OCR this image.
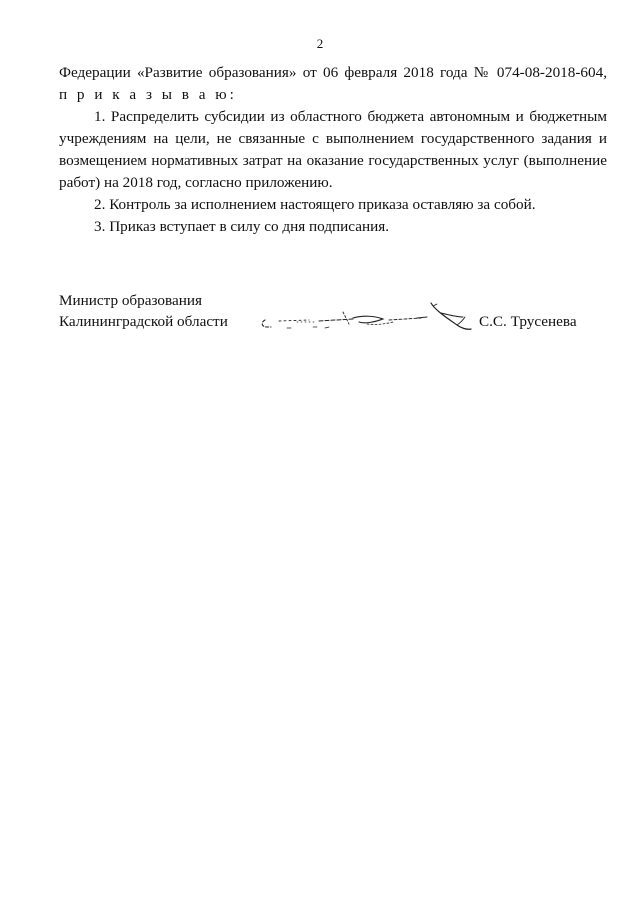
2

Федерации «Развитие образования» от 06 февраля 2018 года № 074-08-2018-604,

п р и к а з ы в а ю:

1. Распределить субсидии из областного бюджета автономным и бюджетным учреждениям на цели, не связанные с выполнением государственного задания и возмещением нормативных затрат на оказание государственных услуг (выполнение работ) на 2018 год, согласно приложению.

2. Контроль за исполнением настоящего приказа оставляю за собой.

3. Приказ вступает в силу со дня подписания.

Министр образования
Калининградской области	С.С. Трусенева
